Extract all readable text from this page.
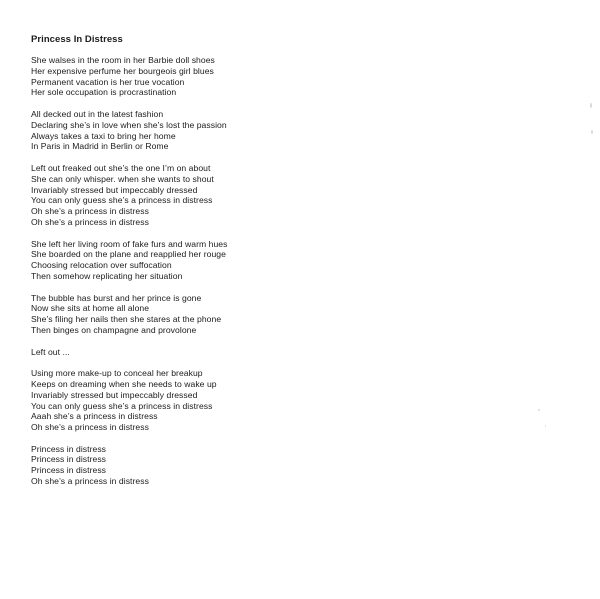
Princess In Distress
She walses in the room in her Barbie doll shoes
Her expensive perfume her bourgeois girl blues
Permanent vacation is her true vocation
Her sole occupation is procrastination
All decked out in the latest fashion
Declaring she’s in love when she’s lost the passion
Always takes a taxi to bring her home
In Paris in Madrid in Berlin or Rome
Left out freaked out she’s the one I’m on about
She can only whisper. when she wants to shout
Invariably stressed but impeccably dressed
You can only guess she’s a princess in distress
Oh she’s a princess in distress
Oh she’s a princess in distress
She left her living room of fake furs and warm hues
She boarded on the plane and reapplied her rouge
Choosing relocation over suffocation
Then somehow replicating her situation
The bubble has burst and her prince is gone
Now she sits at home all alone
She’s filing her nails then she stares at the phone
Then binges on champagne and provolone
Left out ...
Using more make-up to conceal her breakup
Keeps on dreaming when she needs to wake up
Invariably stressed but impeccably dressed
You can only guess she’s a princess in distress
Aaah she’s a princess in distress
Oh she’s a princess in distress
Princess in distress
Princess in distress
Princess in distress
Oh she’s a princess in distress
